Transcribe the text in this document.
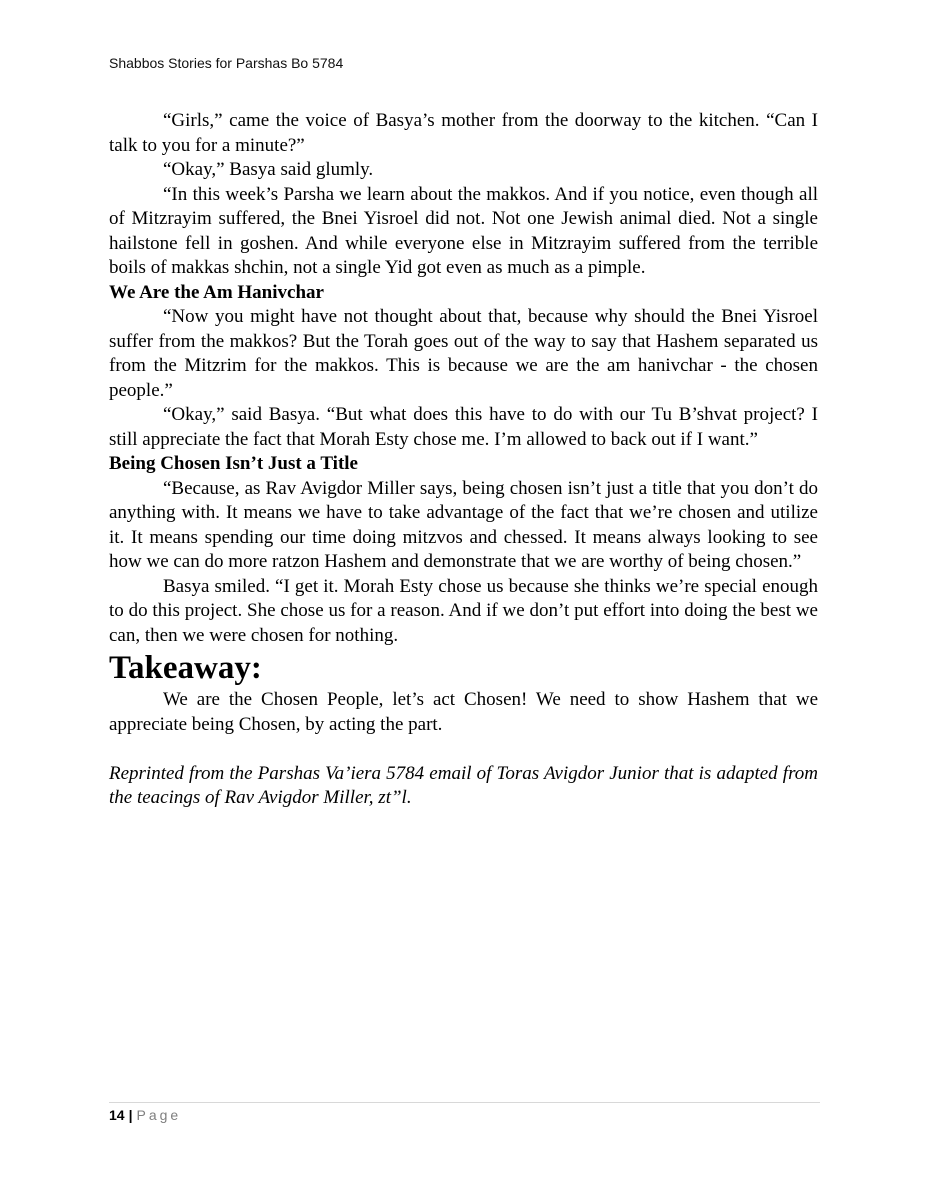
Shabbos Stories for Parshas Bo 5784

“Girls,” came the voice of Basya’s mother from the doorway to the kitchen. “Can I talk to you for a minute?”

“Okay,” Basya said glumly.

“In this week’s Parsha we learn about the makkos. And if you notice, even though all of Mitzrayim suffered, the Bnei Yisroel did not. Not one Jewish animal died. Not a single hailstone fell in goshen. And while everyone else in Mitzrayim suffered from the terrible boils of makkas shchin, not a single Yid got even as much as a pimple.

We Are the Am Hanivchar

“Now you might have not thought about that, because why should the Bnei Yisroel suffer from the makkos? But the Torah goes out of the way to say that Hashem separated us from the Mitzrim for the makkos. This is because we are the am hanivchar - the chosen people.”

“Okay,” said Basya. “But what does this have to do with our Tu B’shvat project? I still appreciate the fact that Morah Esty chose me. I’m allowed to back out if I want.”

Being Chosen Isn’t Just a Title

“Because, as Rav Avigdor Miller says, being chosen isn’t just a title that you don’t do anything with. It means we have to take advantage of the fact that we’re chosen and utilize it. It means spending our time doing mitzvos and chessed. It means always looking to see how we can do more ratzon Hashem and demonstrate that we are worthy of being chosen.”

Basya smiled. “I get it. Morah Esty chose us because she thinks we’re special enough to do this project. She chose us for a reason. And if we don’t put effort into doing the best we can, then we were chosen for nothing.

Takeaway:

We are the Chosen People, let’s act Chosen! We need to show Hashem that we appreciate being Chosen, by acting the part.

Reprinted from the Parshas Va’iera 5784 email of Toras Avigdor Junior that is adapted from the teacings of Rav Avigdor Miller, zt”l.

14 | Page
